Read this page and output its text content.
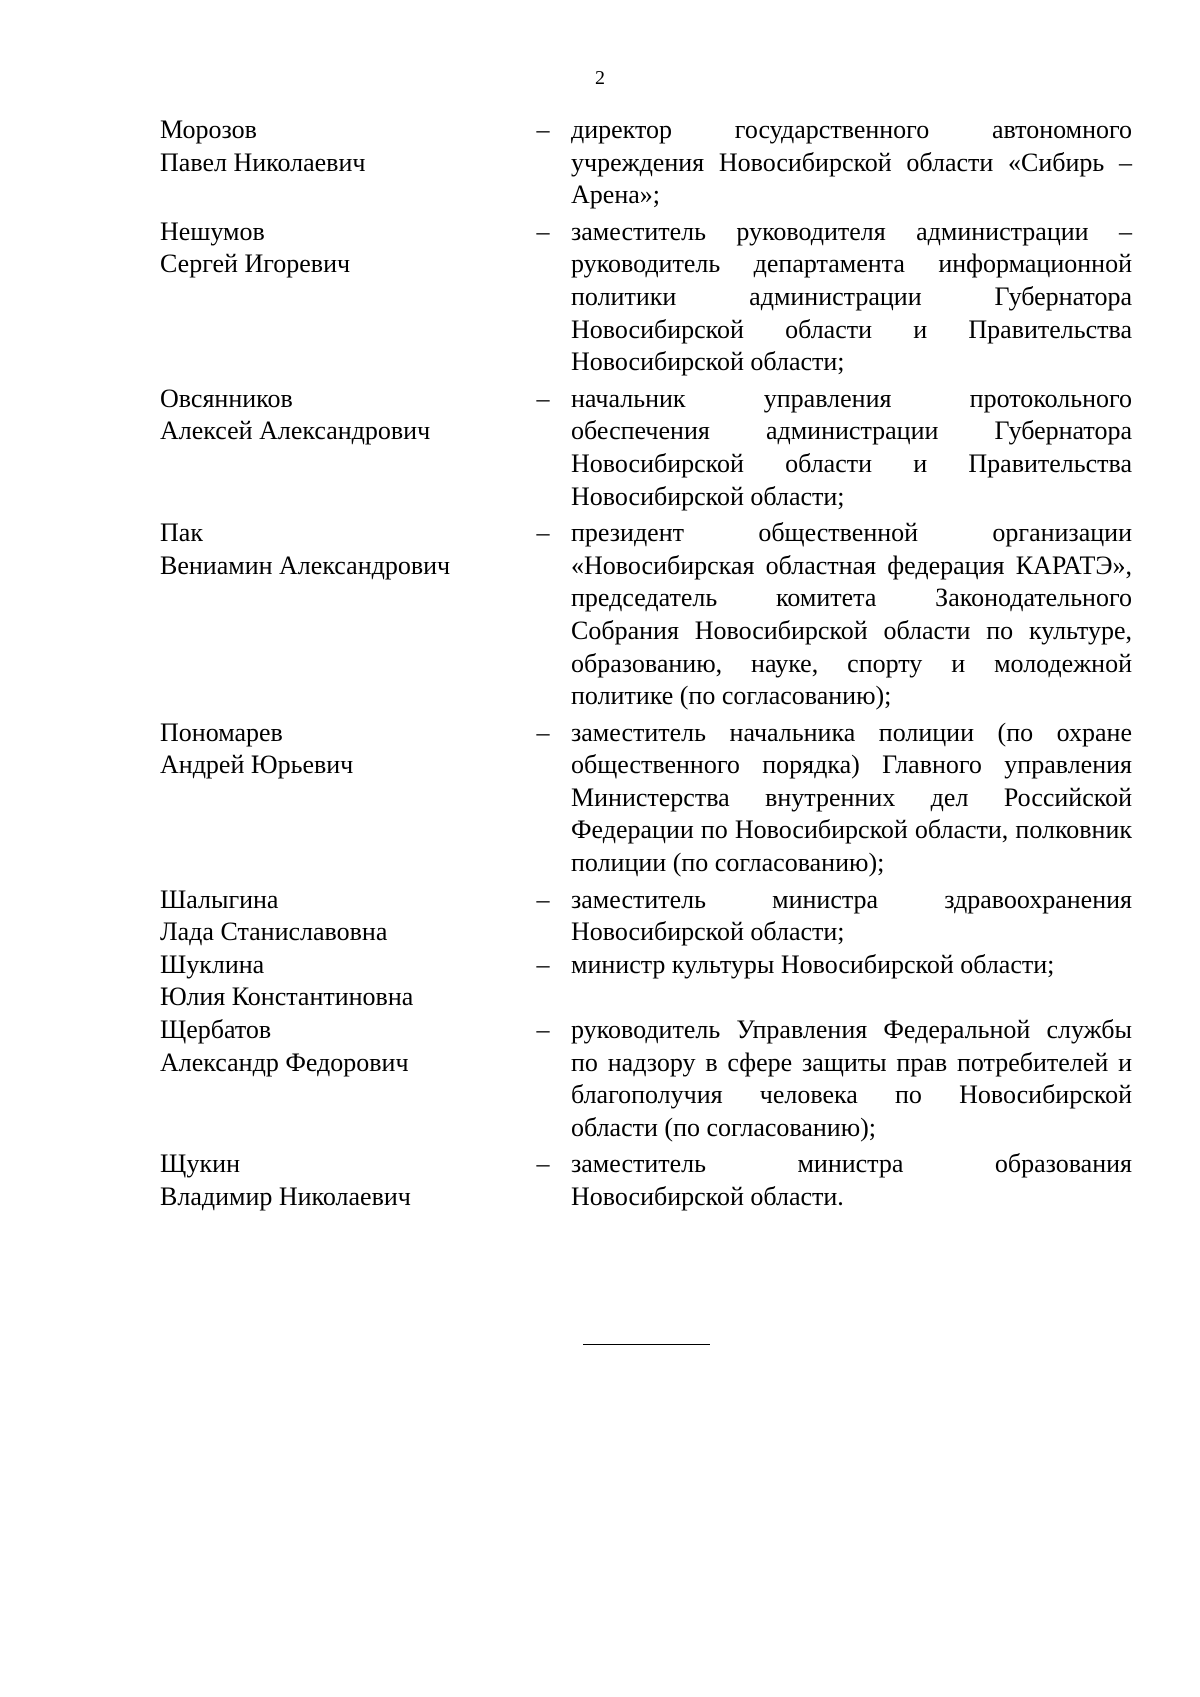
2
Морозов
Павел Николаевич
– директор государственного автономного учреждения Новосибирской области «Сибирь – Арена»;
Нешумов
Сергей Игоревич
– заместитель руководителя администрации – руководитель департамента информационной политики администрации Губернатора Новосибирской области и Правительства Новосибирской области;
Овсянников
Алексей Александрович
– начальник управления протокольного обеспечения администрации Губернатора Новосибирской области и Правительства Новосибирской области;
Пак
Вениамин Александрович
– президент общественной организации «Новосибирская областная федерация КАРАТЭ», председатель комитета Законодательного Собрания Новосибирской области по культуре, образованию, науке, спорту и молодежной политике (по согласованию);
Пономарев
Андрей Юрьевич
– заместитель начальника полиции (по охране общественного порядка) Главного управления Министерства внутренних дел Российской Федерации по Новосибирской области, полковник полиции (по согласованию);
Шалыгина
Лада Станиславовна
– заместитель министра здравоохранения Новосибирской области;
Шуклина
Юлия Константиновна
– министр культуры Новосибирской области;
Щербатов
Александр Федорович
– руководитель Управления Федеральной службы по надзору в сфере защиты прав потребителей и благополучия человека по Новосибирской области (по согласованию);
Щукин
Владимир Николаевич
– заместитель министра образования Новосибирской области.
